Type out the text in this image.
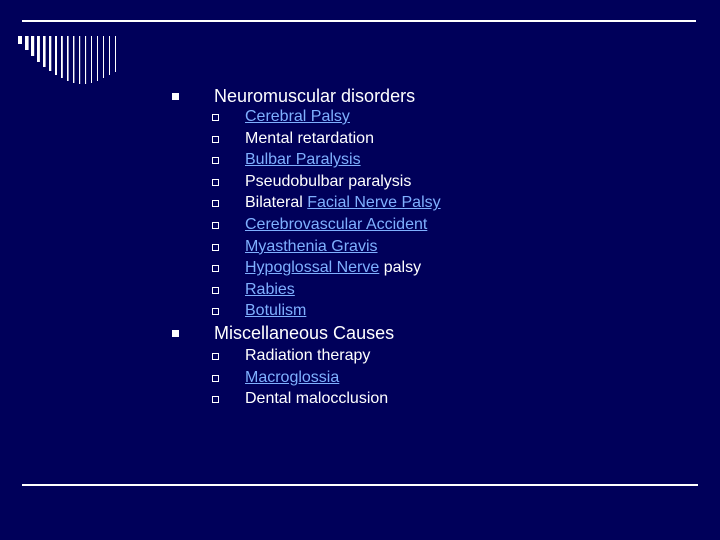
Neuromuscular disorders
Cerebral Palsy
Mental retardation
Bulbar Paralysis
Pseudobulbar paralysis
Bilateral Facial Nerve Palsy
Cerebrovascular Accident
Myasthenia Gravis
Hypoglossal Nerve palsy
Rabies
Botulism
Miscellaneous Causes
Radiation therapy
Macroglossia
Dental malocclusion
